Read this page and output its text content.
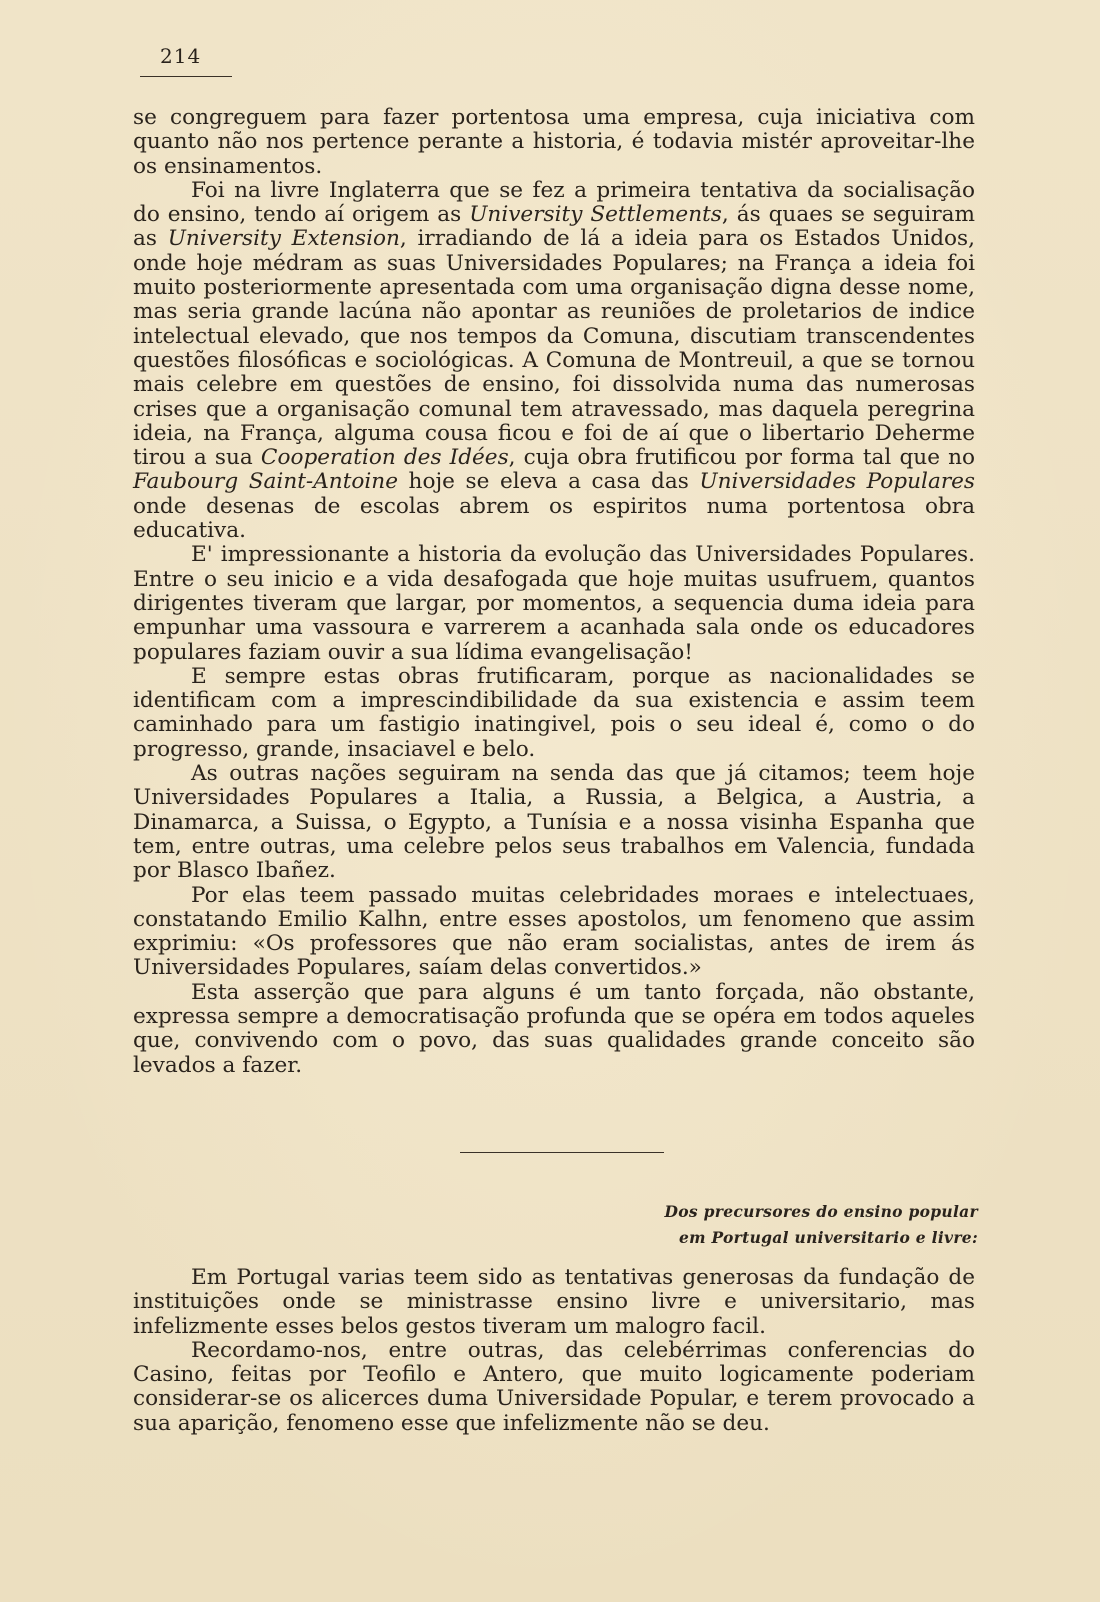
214

se congreguem para fazer portentosa uma empresa, cuja iniciativa com quanto não nos pertence perante a historia, é todavia mistér aproveitar-lhe os ensinamentos.

Foi na livre Inglaterra que se fez a primeira tentativa da socialisação do ensino, tendo aí origem as University Settlements, ás quaes se seguiram as University Extension, irradiando de lá a ideia para os Estados Unidos, onde hoje médram as suas Universidades Populares; na França a ideia foi muito posteriormente apresentada com uma organisação digna desse nome, mas seria grande lacúna não apontar as reuniões de proletarios de indice intelectual elevado, que nos tempos da Comuna, discutiam transcendentes questões filosóficas e sociológicas. A Comuna de Montreuil, a que se tornou mais celebre em questões de ensino, foi dissolvida numa das numerosas crises que a organisação comunal tem atravessado, mas daquela peregrina ideia, na França, alguma cousa ficou e foi de aí que o libertario Deherme tirou a sua Cooperation des Idées, cuja obra frutificou por forma tal que no Faubourg Saint-Antoine hoje se eleva a casa das Universidades Populares onde desenas de escolas abrem os espiritos numa portentosa obra educativa.

E' impressionante a historia da evolução das Universidades Populares. Entre o seu inicio e a vida desafogada que hoje muitas usufruem, quantos dirigentes tiveram que largar, por momentos, a sequencia duma ideia para empunhar uma vassoura e varrerem a acanhada sala onde os educadores populares faziam ouvir a sua lídima evangelisação!

E sempre estas obras frutificaram, porque as nacionalidades se identificam com a imprescindibilidade da sua existencia e assim teem caminhado para um fastigio inatingivel, pois o seu ideal é, como o do progresso, grande, insaciavel e belo.

As outras nações seguiram na senda das que já citamos; teem hoje Universidades Populares a Italia, a Russia, a Belgica, a Austria, a Dinamarca, a Suissa, o Egypto, a Tunísia e a nossa visinha Espanha que tem, entre outras, uma celebre pelos seus trabalhos em Valencia, fundada por Blasco Ibañez.

Por elas teem passado muitas celebridades moraes e intelectuaes, constatando Emilio Kalhn, entre esses apostolos, um fenomeno que assim exprimiu: «Os professores que não eram socialistas, antes de irem ás Universidades Populares, saíam delas convertidos.»

Esta asserção que para alguns é um tanto forçada, não obstante, expressa sempre a democratisação profunda que se opéra em todos aqueles que, convivendo com o povo, das suas qualidades grande conceito são levados a fazer.

Dos precursores do ensino popular
em Portugal universitario e livre:

Em Portugal varias teem sido as tentativas generosas da fundação de instituições onde se ministrasse ensino livre e universitario, mas infelizmente esses belos gestos tiveram um malogro facil.

Recordamo-nos, entre outras, das celebérrimas conferencias do Casino, feitas por Teofilo e Antero, que muito logicamente poderiam considerar-se os alicerces duma Universidade Popular, e terem provocado a sua aparição, fenomeno esse que infelizmente não se deu.
